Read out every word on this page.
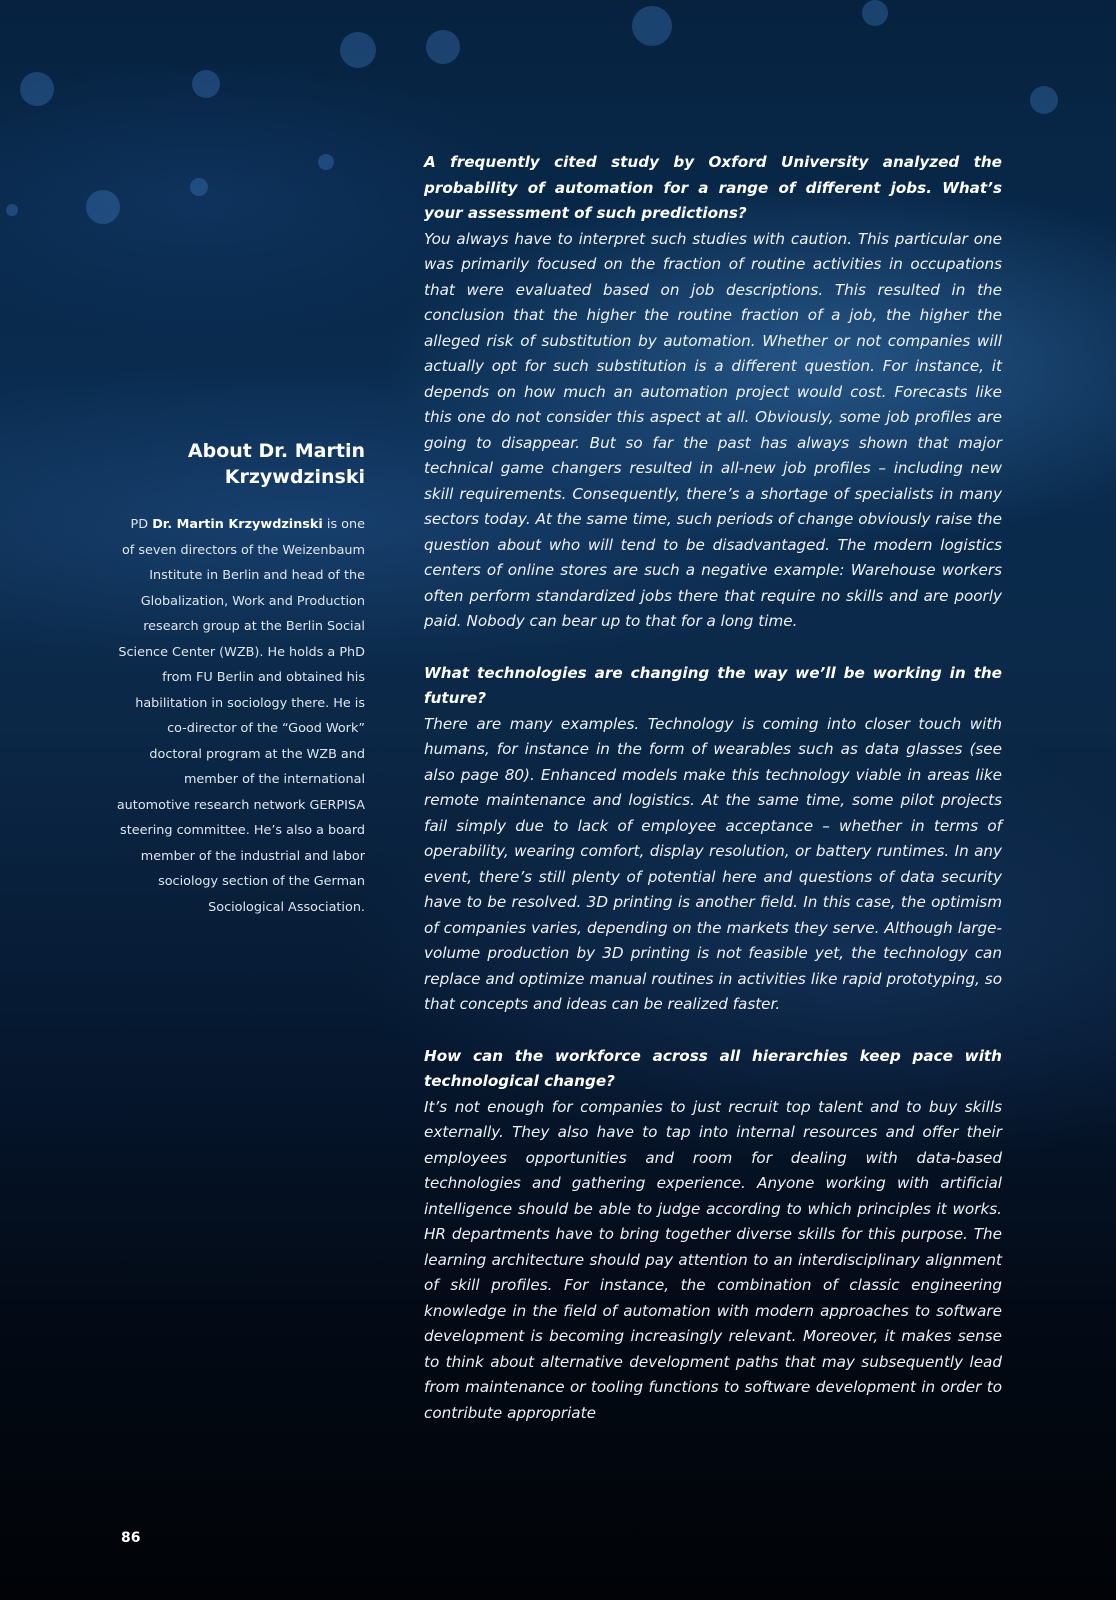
About Dr. Martin
Krzywdzinski

PD Dr. Martin Krzywdzinski is one of seven directors of the Weizenbaum Institute in Berlin and head of the Globalization, Work and Production research group at the Berlin Social Science Center (WZB). He holds a PhD from FU Berlin and obtained his habilitation in sociology there. He is co-director of the “Good Work” doctoral program at the WZB and member of the international automotive research network GERPISA steering committee. He’s also a board member of the industrial and labor sociology section of the German Sociological Association.

A frequently cited study by Oxford University analyzed the probability of automation for a range of different jobs. What’s your assessment of such predictions?

You always have to interpret such studies with caution. This particular one was primarily focused on the fraction of routine activities in occupations that were evaluated based on job descriptions. This resulted in the conclusion that the higher the routine fraction of a job, the higher the alleged risk of substitution by automation. Whether or not companies will actually opt for such substitution is a different question. For instance, it depends on how much an automation project would cost. Forecasts like this one do not consider this aspect at all. Obviously, some job profiles are going to disappear. But so far the past has always shown that major technical game changers resulted in all-new job profiles – including new skill requirements. Consequently, there’s a shortage of specialists in many sectors today. At the same time, such periods of change obviously raise the question about who will tend to be disadvantaged. The modern logistics centers of online stores are such a negative example: Warehouse workers often perform standardized jobs there that require no skills and are poorly paid. Nobody can bear up to that for a long time.

What technologies are changing the way we’ll be working in the future?

There are many examples. Technology is coming into closer touch with humans, for instance in the form of wearables such as data glasses (see also page 80). Enhanced models make this technology viable in areas like remote maintenance and logistics. At the same time, some pilot projects fail simply due to lack of employee acceptance – whether in terms of operability, wearing comfort, display resolution, or battery runtimes. In any event, there’s still plenty of potential here and questions of data security have to be resolved. 3D printing is another field. In this case, the optimism of companies varies, depending on the markets they serve. Although large-volume production by 3D printing is not feasible yet, the technology can replace and optimize manual routines in activities like rapid prototyping, so that concepts and ideas can be realized faster.

How can the workforce across all hierarchies keep pace with technological change?

It’s not enough for companies to just recruit top talent and to buy skills externally. They also have to tap into internal resources and offer their employees opportunities and room for dealing with data-based technologies and gathering experience. Anyone working with artificial intelligence should be able to judge according to which principles it works. HR departments have to bring together diverse skills for this purpose. The learning architecture should pay attention to an interdisciplinary alignment of skill profiles. For instance, the combination of classic engineering knowledge in the field of automation with modern approaches to software development is becoming increasingly relevant. Moreover, it makes sense to think about alternative development paths that may subsequently lead from maintenance or tooling functions to software development in order to contribute appropriate

86
